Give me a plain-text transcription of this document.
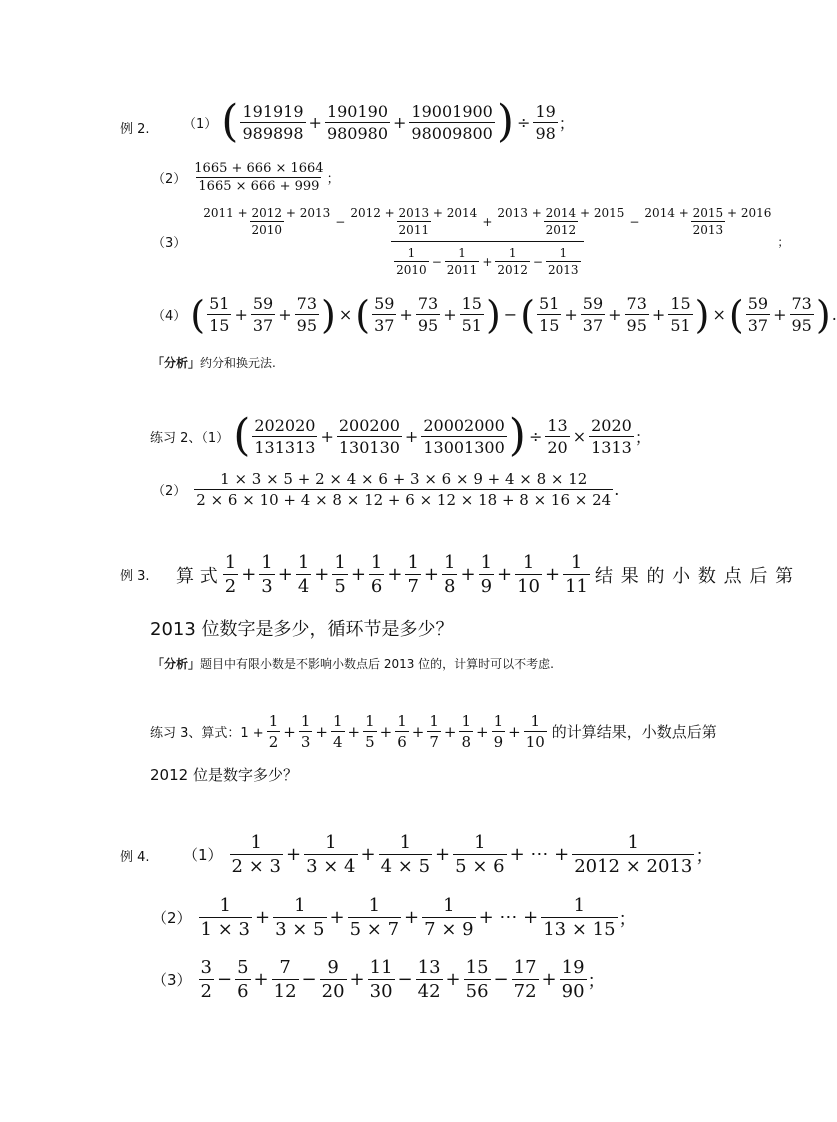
例 2.	（1） ( 191919
989898
+ $\frac{190190}{980980} + \frac{19001900}{98009800}$ ) ÷ $\frac{19}{98}$ ；
（2）
1665 + 666 × 1664
1665 × 666 + 999 ；
（3）
2011 + 2012 + 2013
2010
− $\frac{2012 + 2013 + 2014}{2011} + \frac{2013 + 2014 + 2015}{2012} - \frac{2014 + 2015 + 2016}{2013}$
1
2010
− $\frac{1}{2011} + \frac{1}{2012} - \frac{1}{2013}$
；
（4） ( 51
15
+ $\frac{59}{37} + \frac{73}{95}$ ) × ( 59
37
+ $\frac{73}{95} + \frac{15}{51}$ ) − ( 51
15
+ $\frac{59}{37} + \frac{73}{95} + \frac{15}{51}$ ) × ( 59
37
+ $\frac{73}{95}$ ) .
「分析」约分和换元法.
练习 2、（1） ( 202020
131313
+ $\frac{200200}{130130} + \frac{20002000}{13001300}$ ) ÷ $\frac{13}{20} \times \frac{2020}{1313}$ ；
（2）
1 × 3 × 5 + 2 × 4 × 6 + 3 × 6 × 9 + 4 × 8 × 12
2 × 6 × 10 + 4 × 8 × 12 + 6 × 12 × 18 + 8 × 16 × 24
.
例 3. 算 式
1
2
+ $\frac{1}{3} + \frac{1}{4} + \frac{1}{5} + \frac{1}{6} + \frac{1}{7} + \frac{1}{8} + \frac{1}{9} + \frac{1}{10} + \frac{1}{11}$ 结 果 的 小 数 点 后 第
2013 位数字是多少，循环节是多少？
「分析」题目中有限小数是不影响小数点后 2013 位的，计算时可以不考虑.
练习 3、算式：1 +
1
2
+ $\frac{1}{3} + \frac{1}{4} + \frac{1}{5} + \frac{1}{6} + \frac{1}{7} + \frac{1}{8} + \frac{1}{9} + \frac{1}{10}$ 的计算结果，小数点后第
2012 位是数字多少？
例 4. （1）
1
2 × 3
+ $\frac{1}{3 \times 4} + \frac{1}{4 \times 5} + \frac{1}{5 \times 6}$ + ⋯ + $\frac{1}{2012 \times 2013}$ ；
（2）
1
1 × 3
+ $\frac{1}{3 \times 5} + \frac{1}{5 \times 7} + \frac{1}{7 \times 9}$ + ⋯ + $\frac{1}{13 \times 15}$ ；
（3）
3
2
− $\frac{5}{6} + \frac{7}{12} - \frac{9}{20} + \frac{11}{30} - \frac{13}{42} + \frac{15}{56} - \frac{17}{72} + \frac{19}{90}$ ；
